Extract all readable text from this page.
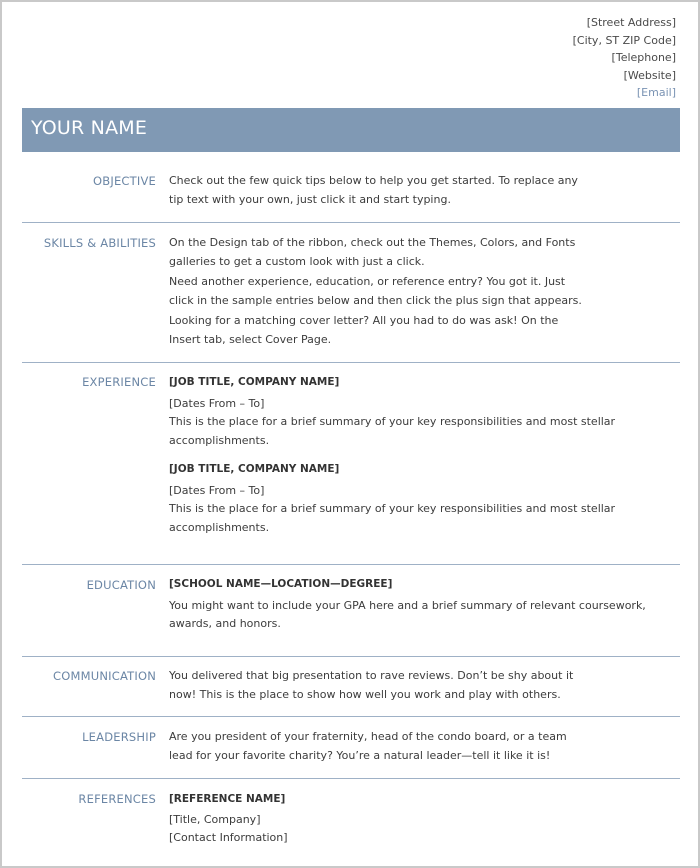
[Street Address]
[City, ST ZIP Code]
[Telephone]
[Website]
[Email]
YOUR NAME
OBJECTIVE Check out the few quick tips below to help you get started. To replace any
tip text with your own, just click it and start typing.
SKILLS & ABILITIES On the Design tab of the ribbon, check out the Themes, Colors, and Fonts
galleries to get a custom look with just a click.
Need another experience, education, or reference entry? You got it. Just
click in the sample entries below and then click the plus sign that appears.
Looking for a matching cover letter? All you had to do was ask! On the
Insert tab, select Cover Page.
EXPERIENCE [JOB TITLE, COMPANY NAME]
[Dates From – To]
This is the place for a brief summary of your key responsibilities and most stellar
accomplishments.
[JOB TITLE, COMPANY NAME]
[Dates From – To]
This is the place for a brief summary of your key responsibilities and most stellar
accomplishments.
EDUCATION [SCHOOL NAME—LOCATION—DEGREE]
You might want to include your GPA here and a brief summary of relevant coursework,
awards, and honors.
COMMUNICATION You delivered that big presentation to rave reviews. Don’t be shy about it
now! This is the place to show how well you work and play with others.
LEADERSHIP Are you president of your fraternity, head of the condo board, or a team
lead for your favorite charity? You’re a natural leader—tell it like it is!
REFERENCES [REFERENCE NAME]
[Title, Company]
[Contact Information]
